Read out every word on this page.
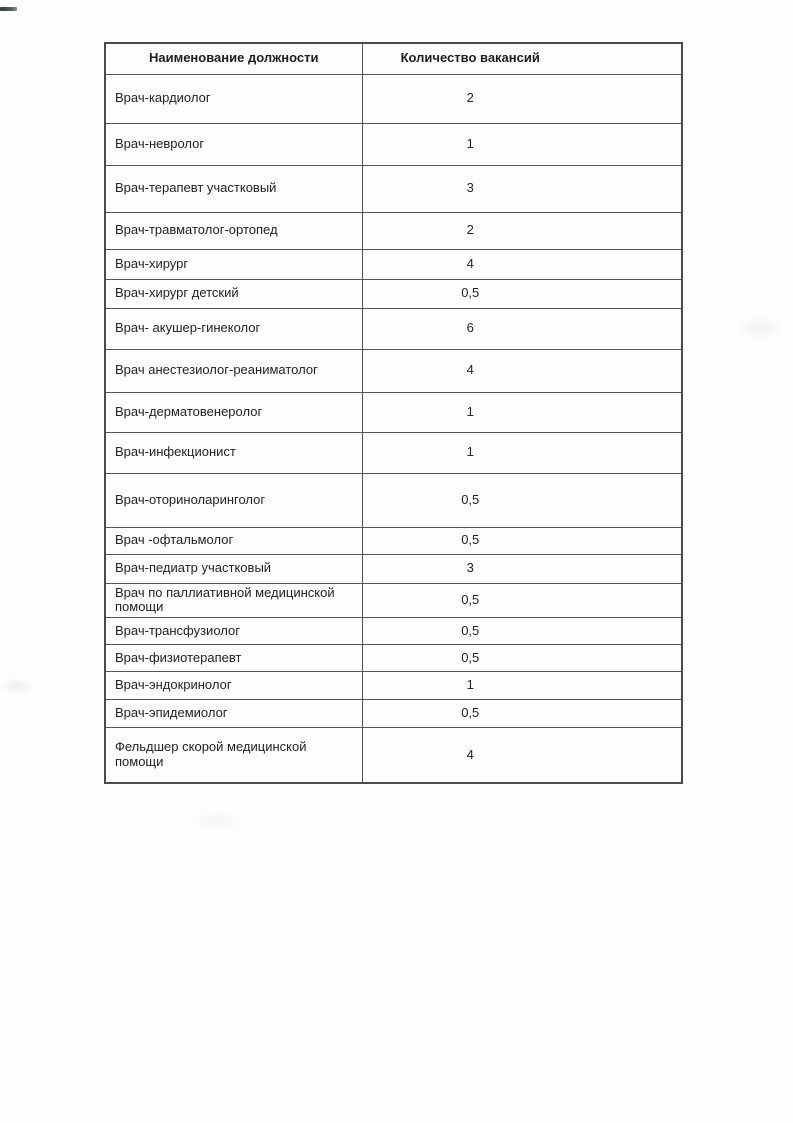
Наименование должности	Количество вакансий
Врач-кардиолог	2
Врач-невролог	1
Врач-терапевт участковый	3
Врач-травматолог-ортопед	2
Врач-хирург	4
Врач-хирург детский	0,5
Врач- акушер-гинеколог	6
Врач анестезиолог-реаниматолог	4
Врач-дерматовенеролог	1
Врач-инфекционист	1
Врач-оториноларинголог	0,5
Врач -офтальмолог	0,5
Врач-педиатр участковый	3
Врач по паллиативной медицинской помощи	0,5
Врач-трансфузиолог	0,5
Врач-физиотерапевт	0,5
Врач-эндокринолог	1
Врач-эпидемиолог	0,5
Фельдшер скорой медицинской помощи	4
